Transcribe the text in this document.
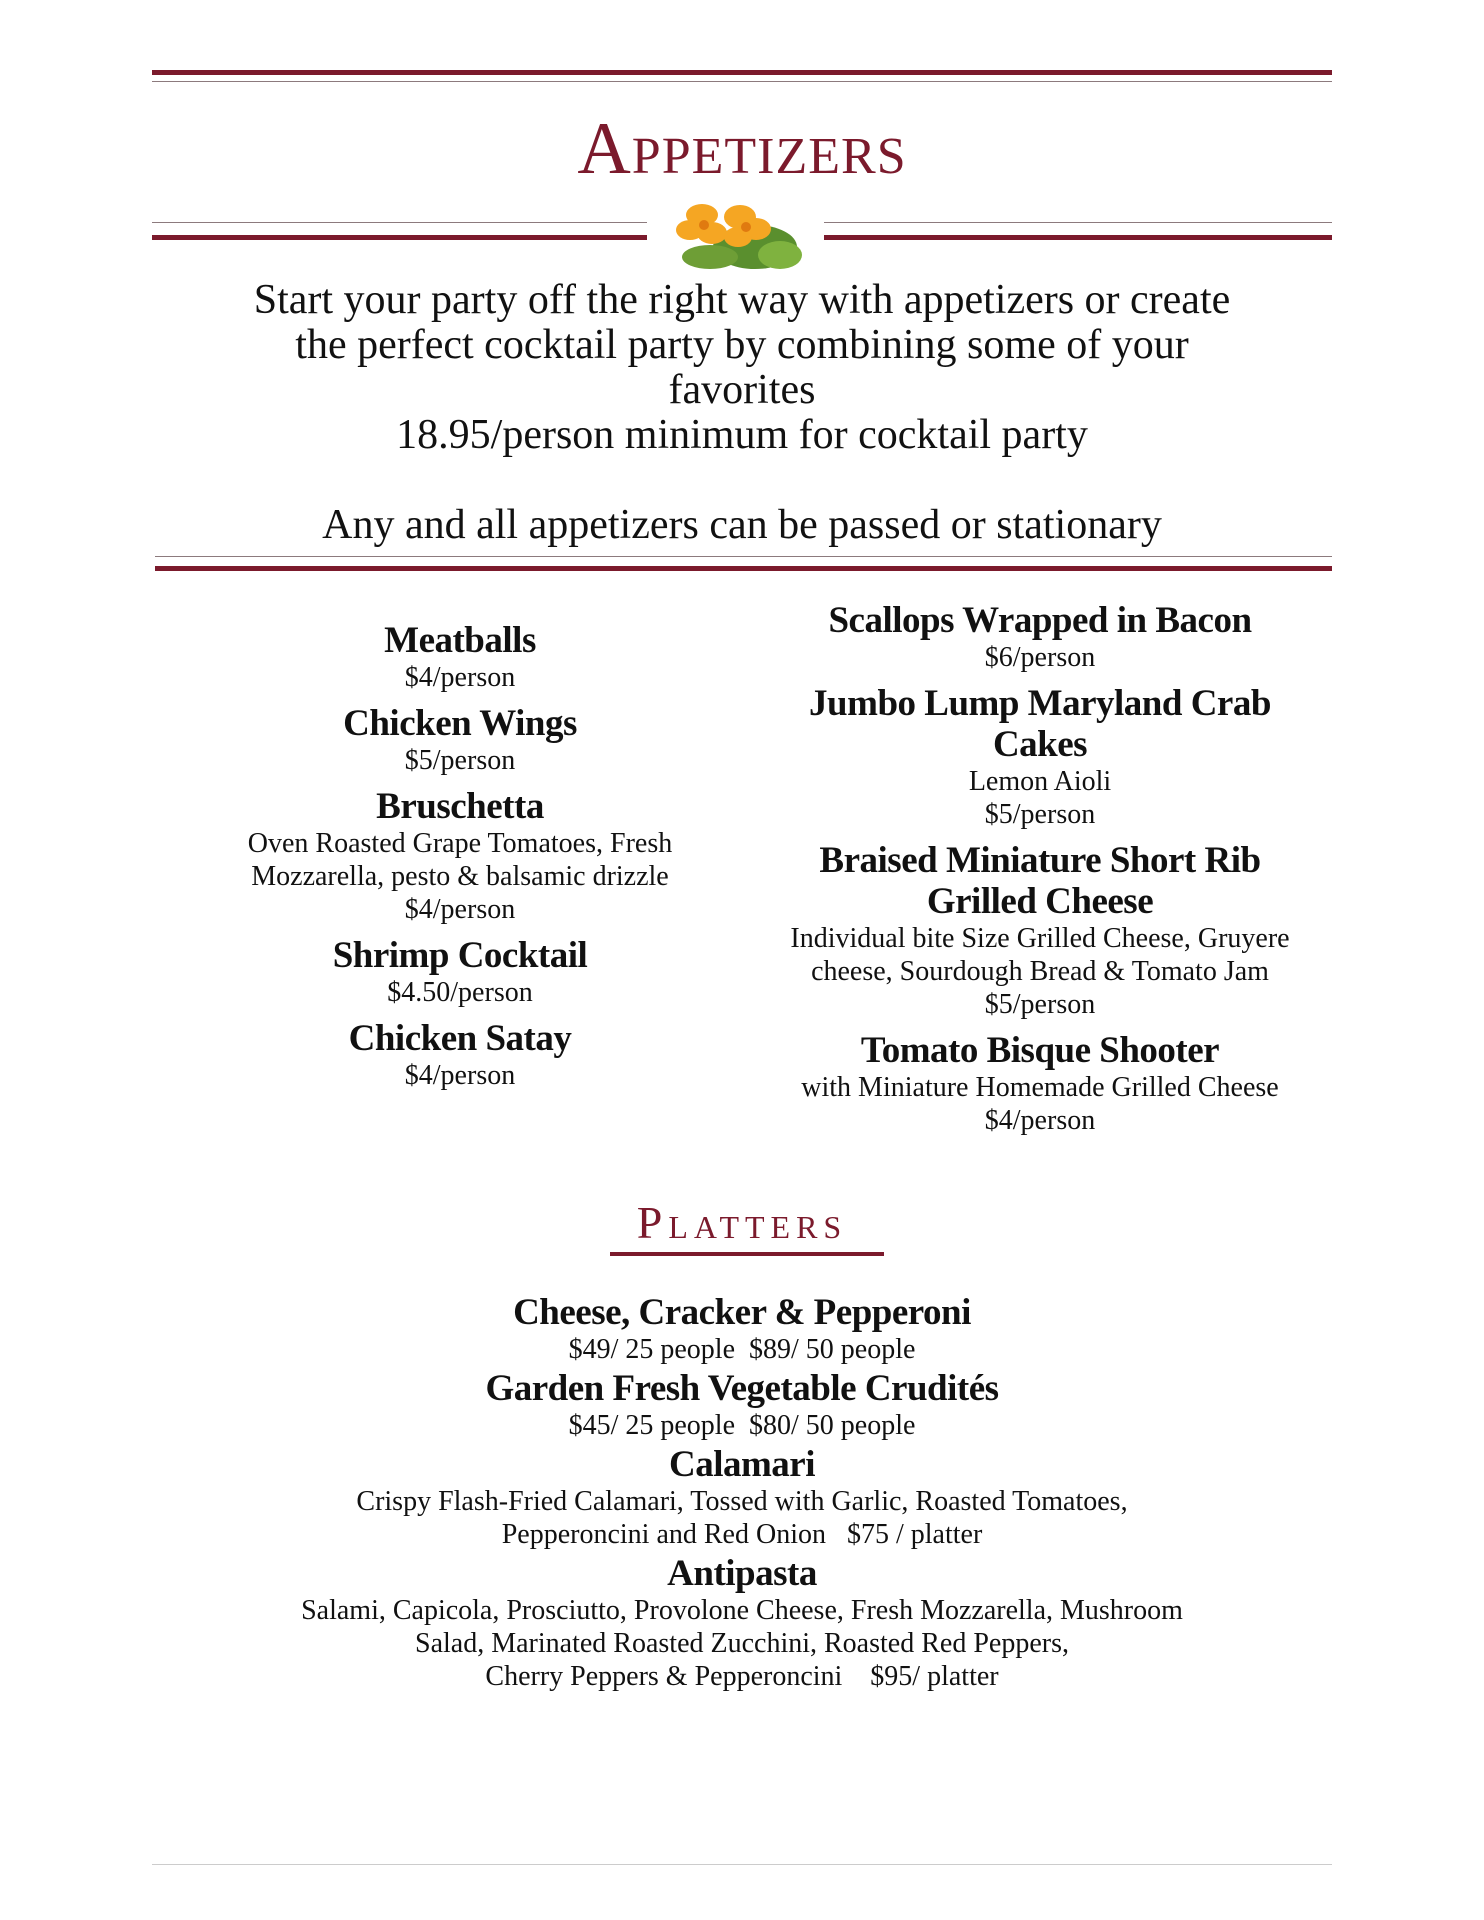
Appetizers

Start your party off the right way with appetizers or create

the perfect cocktail party by combining some of your

favorites

18.95/person minimum for cocktail party

Any and all appetizers can be passed or stationary

Meatballs
$4/person
Chicken Wings
$5/person
Bruschetta
Oven Roasted Grape Tomatoes, Fresh
Mozzarella, pesto & balsamic drizzle
$4/person
Shrimp Cocktail
$4.50/person
Chicken Satay
$4/person
Scallops Wrapped in Bacon
$6/person
Jumbo Lump Maryland Crab
Cakes
Lemon Aioli
$5/person
Braised Miniature Short Rib
Grilled Cheese
Individual bite Size Grilled Cheese, Gruyere
cheese, Sourdough Bread & Tomato Jam
$5/person
Tomato Bisque Shooter
with Miniature Homemade Grilled Cheese
$4/person
Platters
Cheese, Cracker & Pepperoni
$49/ 25 people  $89/ 50 people
Garden Fresh Vegetable Crudités
$45/ 25 people  $80/ 50 people
Calamari
Crispy Flash-Fried Calamari, Tossed with Garlic, Roasted Tomatoes,
Pepperoncini and Red Onion   $75 / platter
Antipasta
Salami, Capicola, Prosciutto, Provolone Cheese, Fresh Mozzarella, Mushroom
Salad, Marinated Roasted Zucchini, Roasted Red Peppers,
Cherry Peppers & Pepperoncini    $95/ platter
